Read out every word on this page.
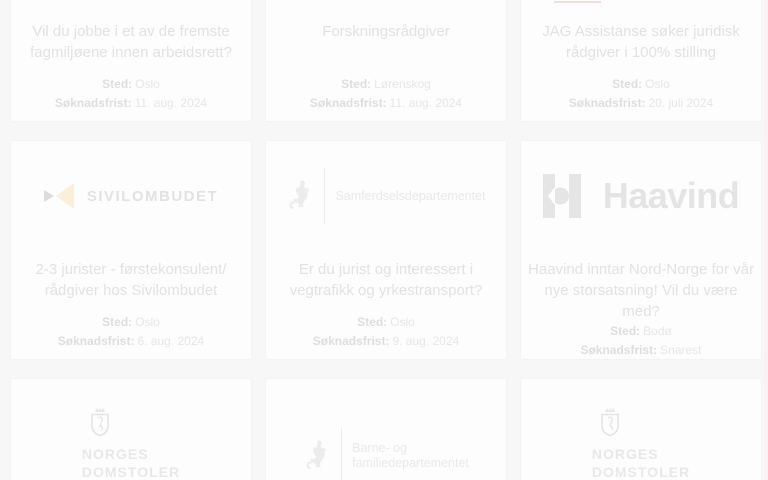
Vil du jobbe i et av de fremste fagmiljøene innen arbeidsrett?
Sted: Oslo
Søknadsfrist: 11. aug. 2024
Forskningsrådgiver
Sted: Lørenskog
Søknadsfrist: 11. aug. 2024
JAG Assistanse søker juridisk rådgiver i 100% stilling
Sted: Oslo
Søknadsfrist: 20. juli 2024
SIVILOMBUDET
2-3 jurister - førstekonsulent/ rådgiver hos Sivilombudet
Sted: Oslo
Søknadsfrist: 6. aug. 2024
Samferdselsdepartementet
Er du jurist og interessert i vegtrafikk og yrkestransport?
Sted: Oslo
Søknadsfrist: 9. aug. 2024
Haavind
Haavind inntar Nord-Norge for vår nye storsatsning! Vil du være med?
Sted: Bodø
Søknadsfrist: Snarest
NORGES
DOMSTOLER
Barne- og
familiedepartementet
NORGES
DOMSTOLER
